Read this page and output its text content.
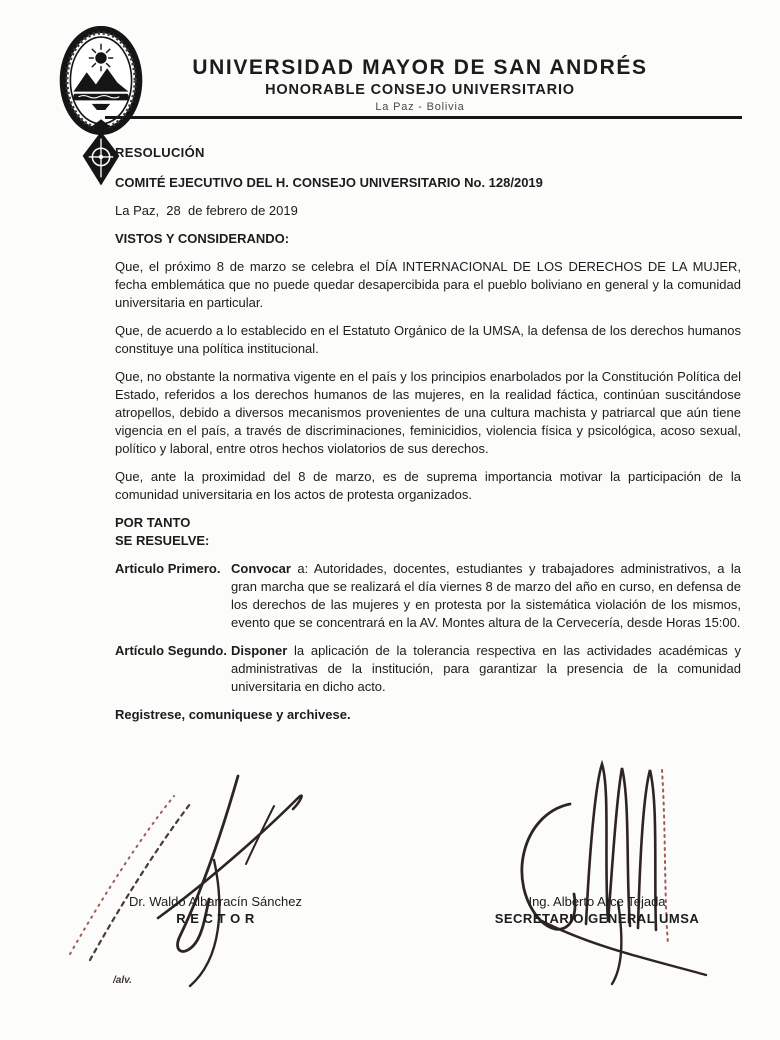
UNIVERSIDAD MAYOR DE SAN ANDRÉS
HONORABLE CONSEJO UNIVERSITARIO
La Paz - Bolivia

RESOLUCIÓN

COMITÉ EJECUTIVO DEL H. CONSEJO UNIVERSITARIO No. 128/2019

La Paz,  28  de febrero de 2019

VISTOS Y CONSIDERANDO:

Que, el próximo 8 de marzo se celebra el DÍA INTERNACIONAL DE LOS DERECHOS DE LA MUJER, fecha emblemática que no puede quedar desapercibida para el pueblo boliviano en general y la comunidad universitaria en particular.

Que, de acuerdo a lo establecido en el Estatuto Orgánico de la UMSA, la defensa de los derechos humanos constituye una política institucional.

Que, no obstante la normativa vigente en el país y los principios enarbolados por la Constitución Política del Estado, referidos a los derechos humanos de las mujeres, en la realidad fáctica, continúan suscitándose atropellos, debido a diversos mecanismos provenientes de una cultura machista y patriarcal que aún tiene vigencia en el país, a través de discriminaciones, feminicidios, violencia física y psicológica, acoso sexual, político y laboral, entre otros hechos violatorios de sus derechos.

Que, ante la proximidad del 8 de marzo, es de suprema importancia motivar la participación de la comunidad universitaria en los actos de protesta organizados.

POR TANTO

SE RESUELVE:

Articulo Primero. Convocar a: Autoridades, docentes, estudiantes y trabajadores administrativos, a la gran marcha que se realizará el día viernes 8 de marzo del año en curso, en defensa de los derechos de las mujeres y en protesta por la sistemática violación de los mismos, evento que se concentrará en la AV. Montes altura de la Cervecería, desde Horas 15:00.
Artículo Segundo. Disponer la aplicación de la tolerancia respectiva en las actividades académicas y administrativas de la institución, para garantizar la presencia de la comunidad universitaria en dicho acto.

Registrese, comuniquese y archivese.

Dr. Waldo Albarracín Sánchez
R E C T O R
Ing. Alberto Arce Tejada
SECRETARIO GENERAL UMSA
/alv.
